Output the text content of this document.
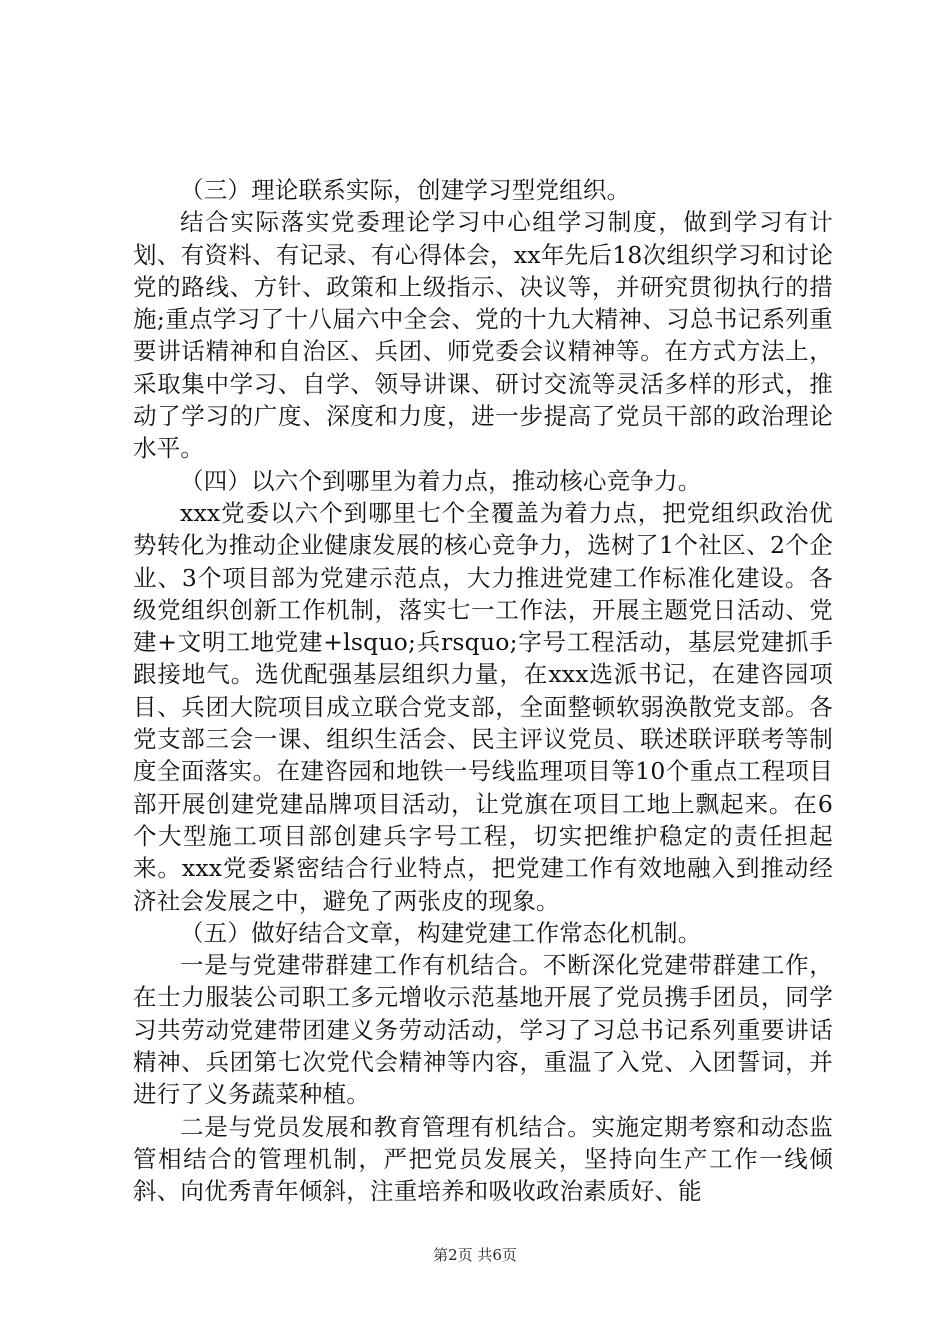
（三）理论联系实际，创建学习型党组织。

结合实际落实党委理论学习中心组学习制度，做到学习有计划、有资料、有记录、有心得体会，xx年先后18次组织学习和讨论党的路线、方针、政策和上级指示、决议等，并研究贯彻执行的措施;重点学习了十八届六中全会、党的十九大精神、习总书记系列重要讲话精神和自治区、兵团、师党委会议精神等。在方式方法上，采取集中学习、自学、领导讲课、研讨交流等灵活多样的形式，推动了学习的广度、深度和力度，进一步提高了党员干部的政治理论水平。

（四）以六个到哪里为着力点，推动核心竞争力。

xxx党委以六个到哪里七个全覆盖为着力点，把党组织政治优势转化为推动企业健康发展的核心竞争力，选树了1个社区、2个企业、3个项目部为党建示范点，大力推进党建工作标准化建设。各级党组织创新工作机制，落实七一工作法，开展主题党日活动、党建+文明工地党建+lsquo;兵rsquo;字号工程活动，基层党建抓手跟接地气。选优配强基层组织力量，在xxx选派书记，在建咨园项目、兵团大院项目成立联合党支部，全面整顿软弱涣散党支部。各党支部三会一课、组织生活会、民主评议党员、联述联评联考等制度全面落实。在建咨园和地铁一号线监理项目等10个重点工程项目部开展创建党建品牌项目活动，让党旗在项目工地上飘起来。在6个大型施工项目部创建兵字号工程，切实把维护稳定的责任担起来。xxx党委紧密结合行业特点，把党建工作有效地融入到推动经济社会发展之中，避免了两张皮的现象。

（五）做好结合文章，构建党建工作常态化机制。

一是与党建带群建工作有机结合。不断深化党建带群建工作，在士力服装公司职工多元增收示范基地开展了党员携手团员，同学习共劳动党建带团建义务劳动活动，学习了习总书记系列重要讲话精神、兵团第七次党代会精神等内容，重温了入党、入团誓词，并进行了义务蔬菜种植。

二是与党员发展和教育管理有机结合。实施定期考察和动态监管相结合的管理机制，严把党员发展关，坚持向生产工作一线倾斜、向优秀青年倾斜，注重培养和吸收政治素质好、能

第2页 共6页
